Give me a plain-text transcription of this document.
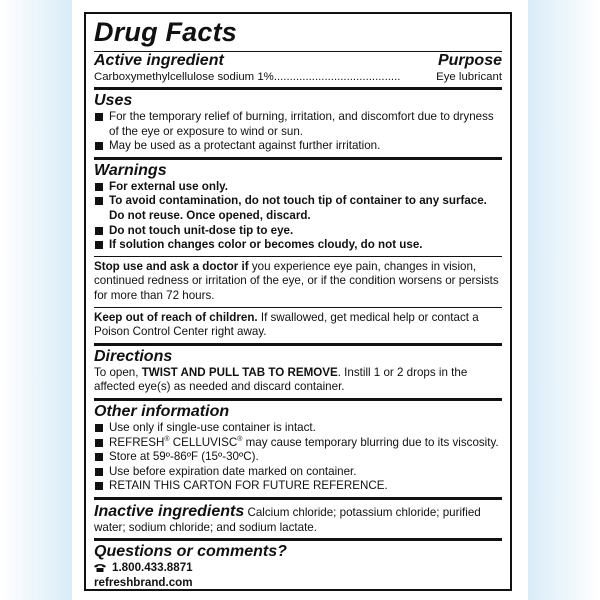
Drug Facts

Active ingredient	Purpose
Carboxymethylcellulose sodium 1% ........................................	Eye lubricant

Uses

For the temporary relief of burning, irritation, and discomfort due to dryness of the eye or exposure to wind or sun.
May be used as a protectant against further irritation.

Warnings

For external use only.
To avoid contamination, do not touch tip of container to any surface. Do not reuse. Once opened, discard.
Do not touch unit-dose tip to eye.
If solution changes color or becomes cloudy, do not use.

Stop use and ask a doctor if you experience eye pain, changes in vision, continued redness or irritation of the eye, or if the condition worsens or persists for more than 72 hours.

Keep out of reach of children. If swallowed, get medical help or contact a Poison Control Center right away.

Directions

To open, TWIST AND PULL TAB TO REMOVE. Instill 1 or 2 drops in the affected eye(s) as needed and discard container.

Other information

Use only if single-use container is intact.
REFRESH® CELLUVISC® may cause temporary blurring due to its viscosity.
Store at 59º-86ºF (15º-30ºC).
Use before expiration date marked on container.
RETAIN THIS CARTON FOR FUTURE REFERENCE.

Inactive ingredients Calcium chloride; potassium chloride; purified water; sodium chloride; and sodium lactate.

Questions or comments?

1.800.433.8871

refreshbrand.com
